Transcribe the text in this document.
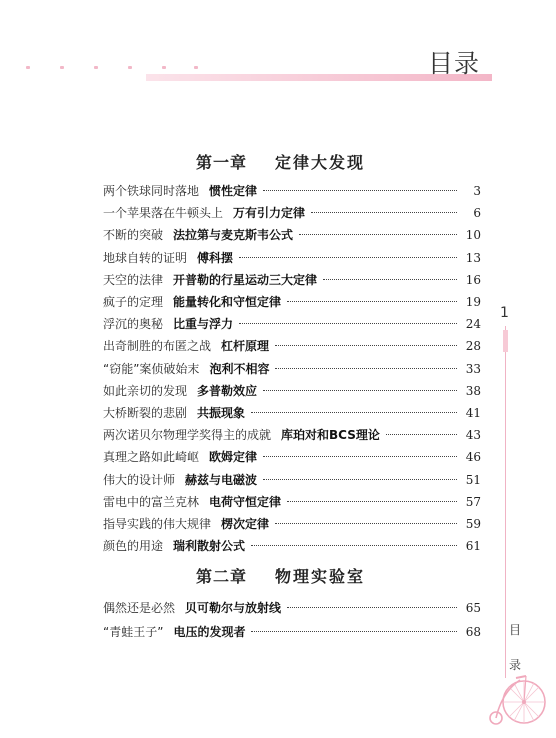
目录
1
目
录
第一章 定律大发现
两个铁球同时落地 惯性定律	3
一个苹果落在牛顿头上 万有引力定律	6
不断的突破 法拉第与麦克斯韦公式	10
地球自转的证明 傅科摆	13
天空的法律 开普勒的行星运动三大定律	16
疯子的定理 能量转化和守恒定律	19
浮沉的奥秘 比重与浮力	24
出奇制胜的布匿之战 杠杆原理	28
“窃能”案侦破始末 泡利不相容	33
如此亲切的发现 多普勒效应	38
大桥断裂的悲剧 共振现象	41
两次诺贝尔物理学奖得主的成就 库珀对和BCS理论	43
真理之路如此崎岖 欧姆定律	46
伟大的设计师 赫兹与电磁波	51
雷电中的富兰克林 电荷守恒定律	57
指导实践的伟大规律 楞次定律	59
颜色的用途 瑞利散射公式	61
第二章 物理实验室
偶然还是必然 贝可勒尔与放射线	65
“青蛙王子” 电压的发现者	68
